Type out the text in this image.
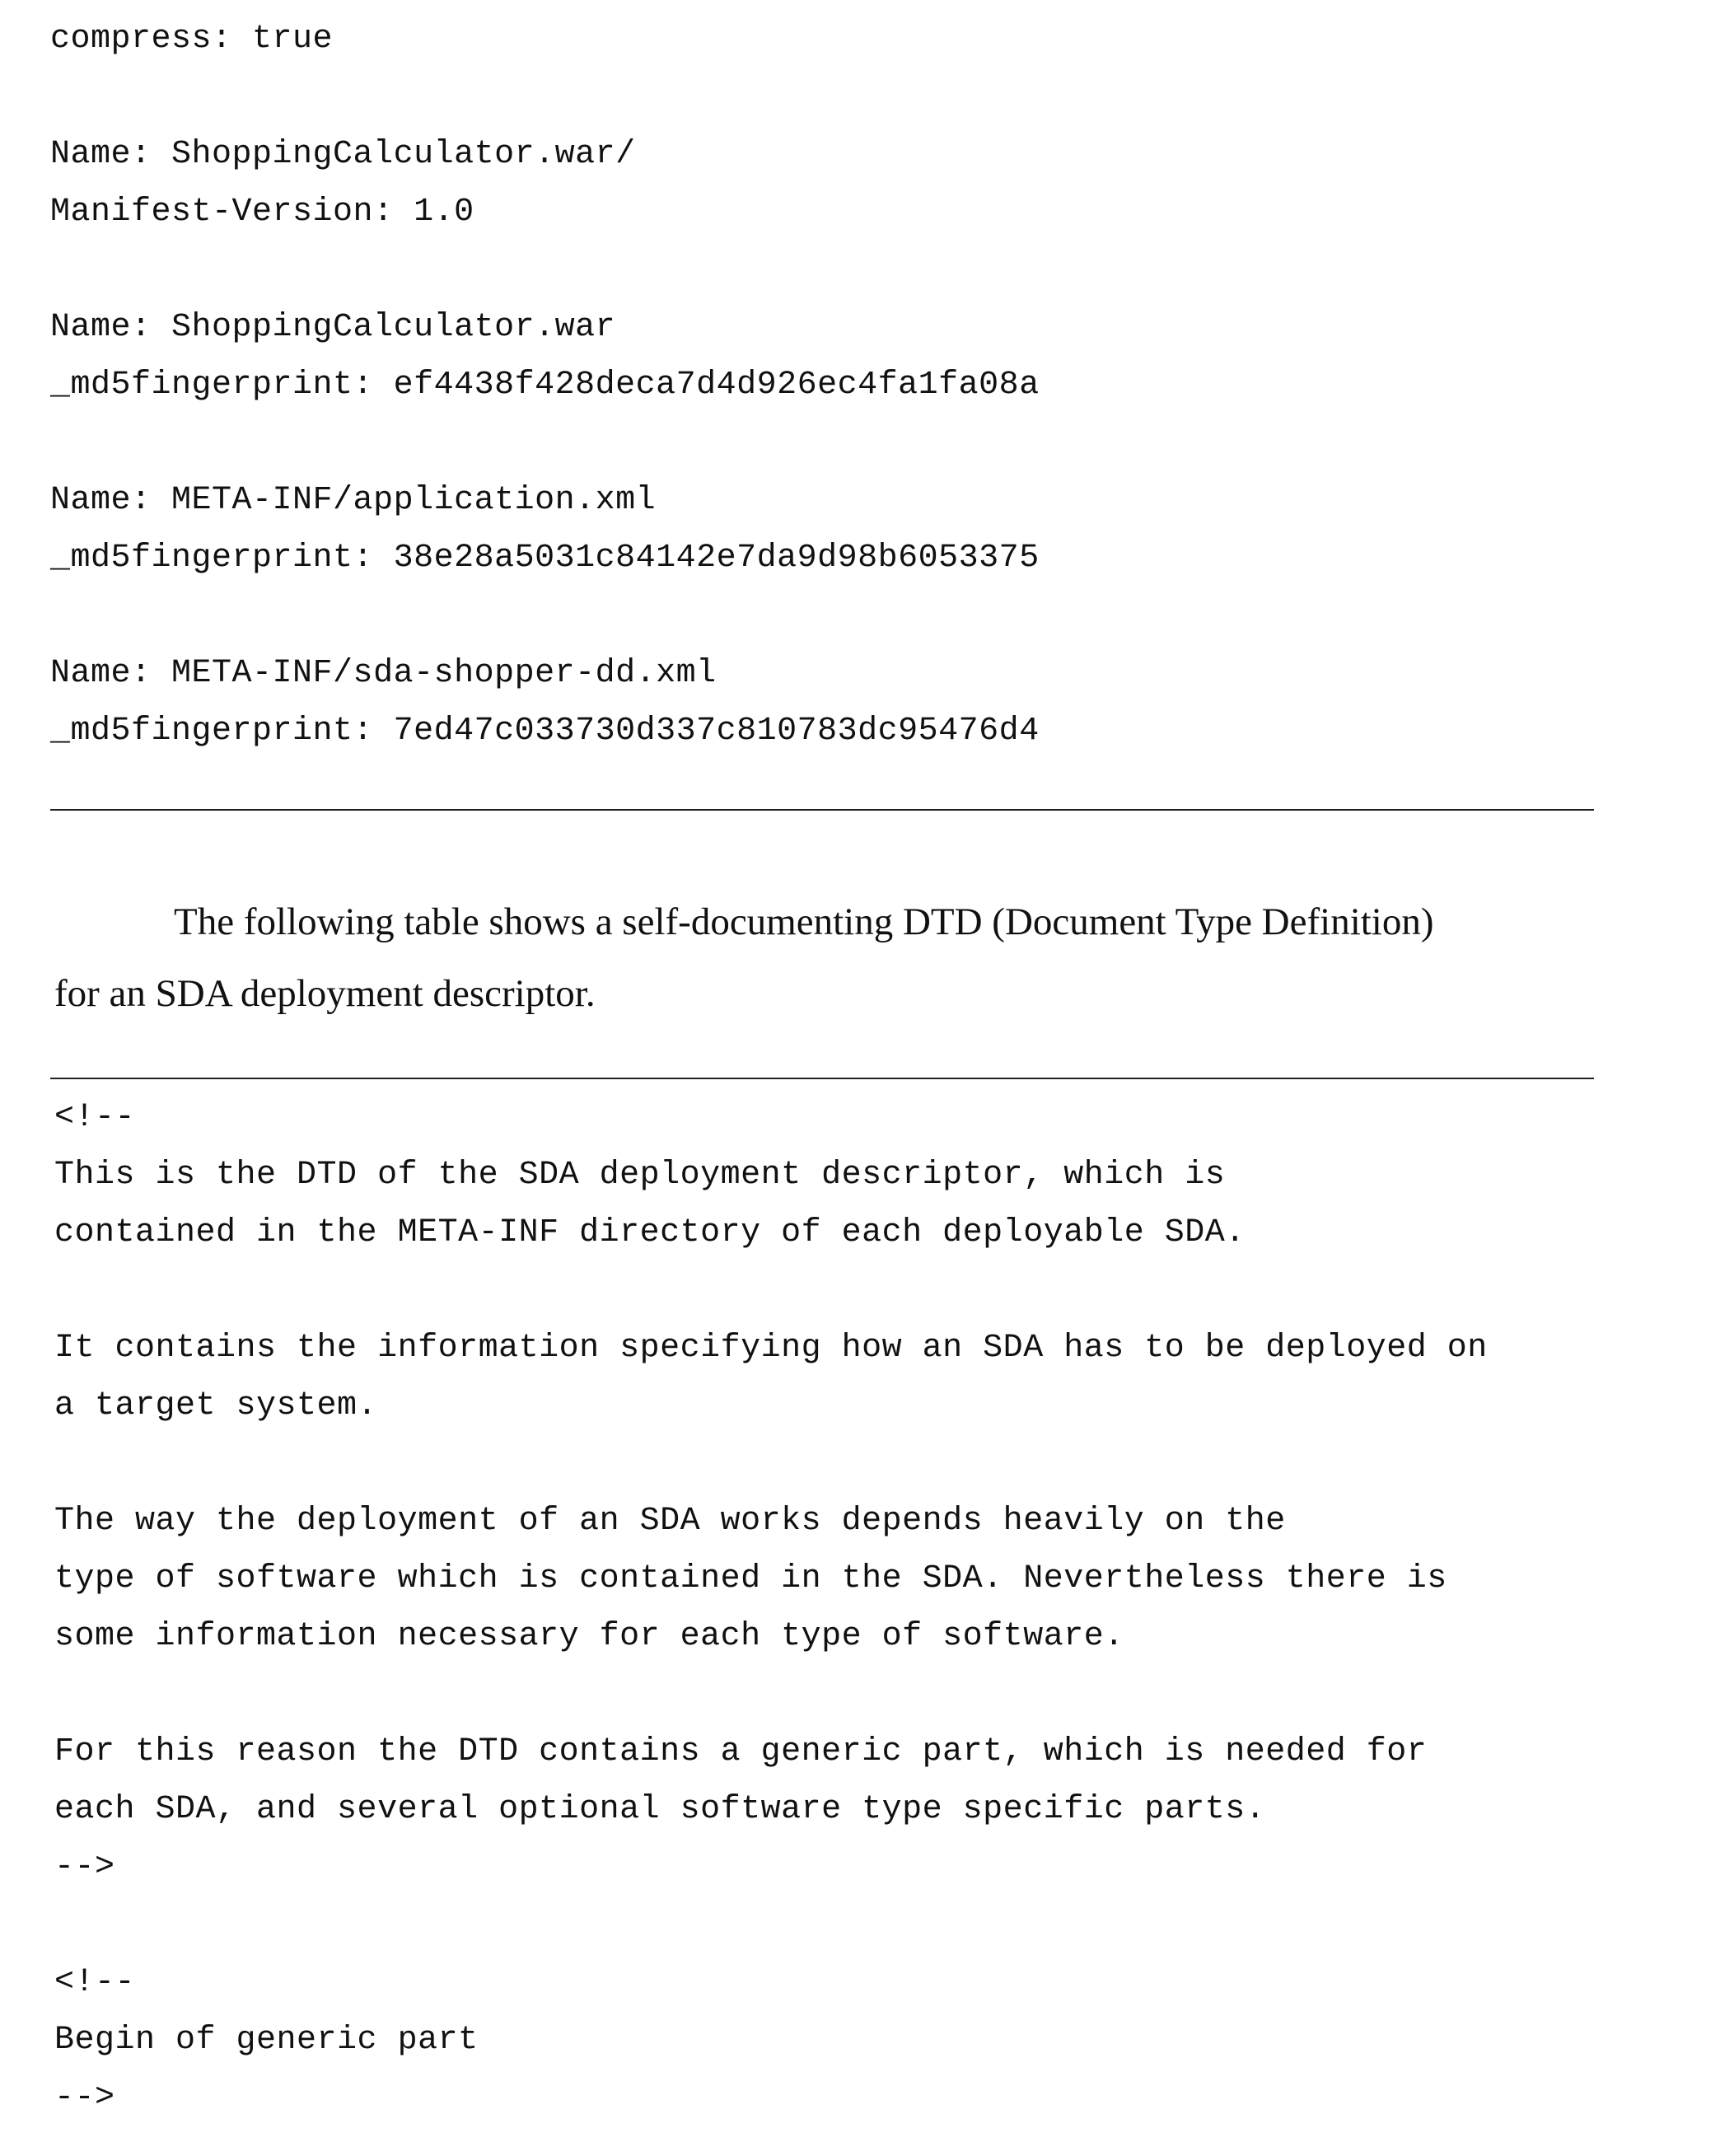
compress: true
Name: ShoppingCalculator.war/
Manifest-Version: 1.0
Name: ShoppingCalculator.war
_md5fingerprint: ef4438f428deca7d4d926ec4fa1fa08a
Name: META-INF/application.xml
_md5fingerprint: 38e28a5031c84142e7da9d98b6053375
Name: META-INF/sda-shopper-dd.xml
_md5fingerprint: 7ed47c033730d337c810783dc95476d4
The following table shows a self-documenting DTD (Document Type Definition)
for an SDA deployment descriptor.
<!--
This is the DTD of the SDA deployment descriptor, which is
contained in the META-INF directory of each deployable SDA.
It contains the information specifying how an SDA has to be deployed on
a target system.
The way the deployment of an SDA works depends heavily on the
type of software which is contained in the SDA. Nevertheless there is
some information necessary for each type of software.
For this reason the DTD contains a generic part, which is needed for
each SDA, and several optional software type specific parts.
-->
<!--
Begin of generic part
-->
